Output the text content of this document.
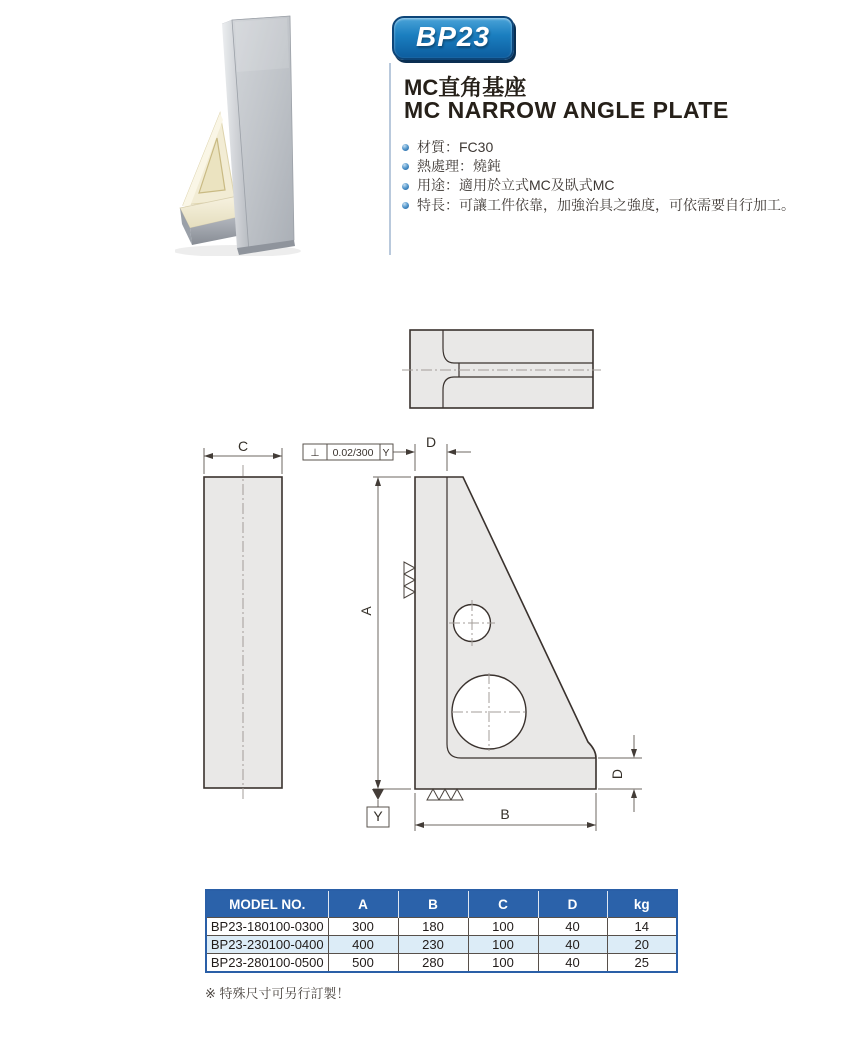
BP23
MC直角基座
MC NARROW ANGLE PLATE
材質：FC30
熱處理：燒鈍
用途：適用於立式MC及臥式MC
特長：可讓工件依靠，加強治具之強度，可依需要自行加工。
C
A
Y
D
⊥ 0.02/300 Y
D
B
MODEL NO.	A	B	C	D	kg
BP23-180100-0300	300	180	100	40	14
BP23-230100-0400	400	230	100	40	20
BP23-280100-0500	500	280	100	40	25
※ 特殊尺寸可另行訂製！
